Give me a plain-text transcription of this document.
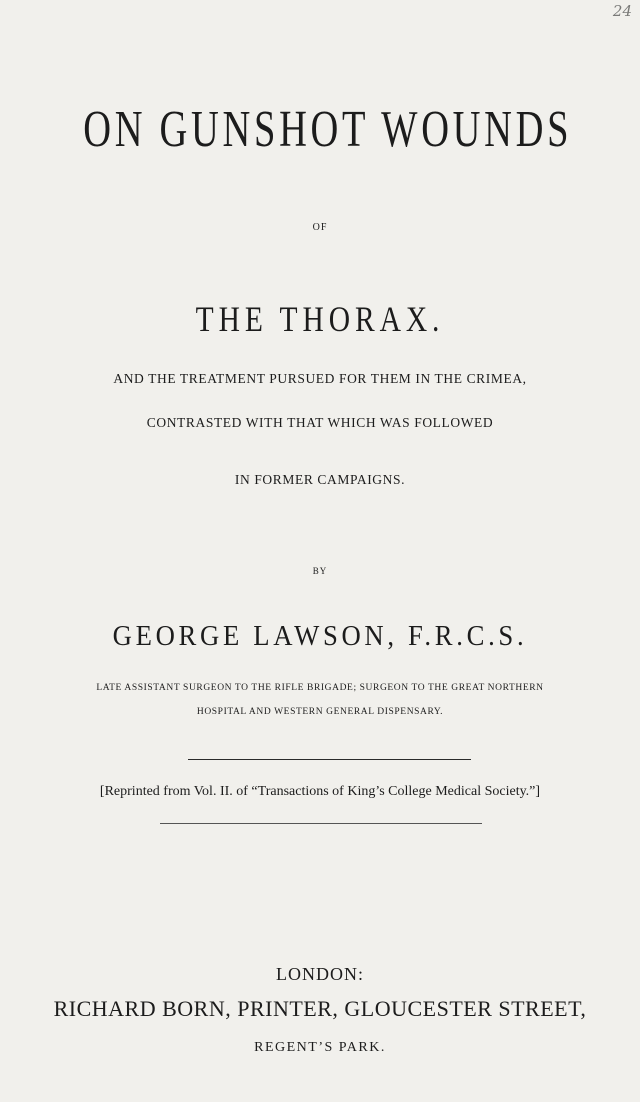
24
ON GUNSHOT WOUNDS
OF
THE THORAX.
AND THE TREATMENT PURSUED FOR THEM IN THE CRIMEA,
CONTRASTED WITH THAT WHICH WAS FOLLOWED
IN FORMER CAMPAIGNS.
BY
GEORGE LAWSON, F.R.C.S.
LATE ASSISTANT SURGEON TO THE RIFLE BRIGADE; SURGEON TO THE GREAT NORTHERN
HOSPITAL AND WESTERN GENERAL DISPENSARY.
[Reprinted from Vol. II. of “Transactions of King’s College Medical Society.”]
LONDON:
RICHARD BORN, PRINTER, GLOUCESTER STREET,
REGENT’S PARK.
